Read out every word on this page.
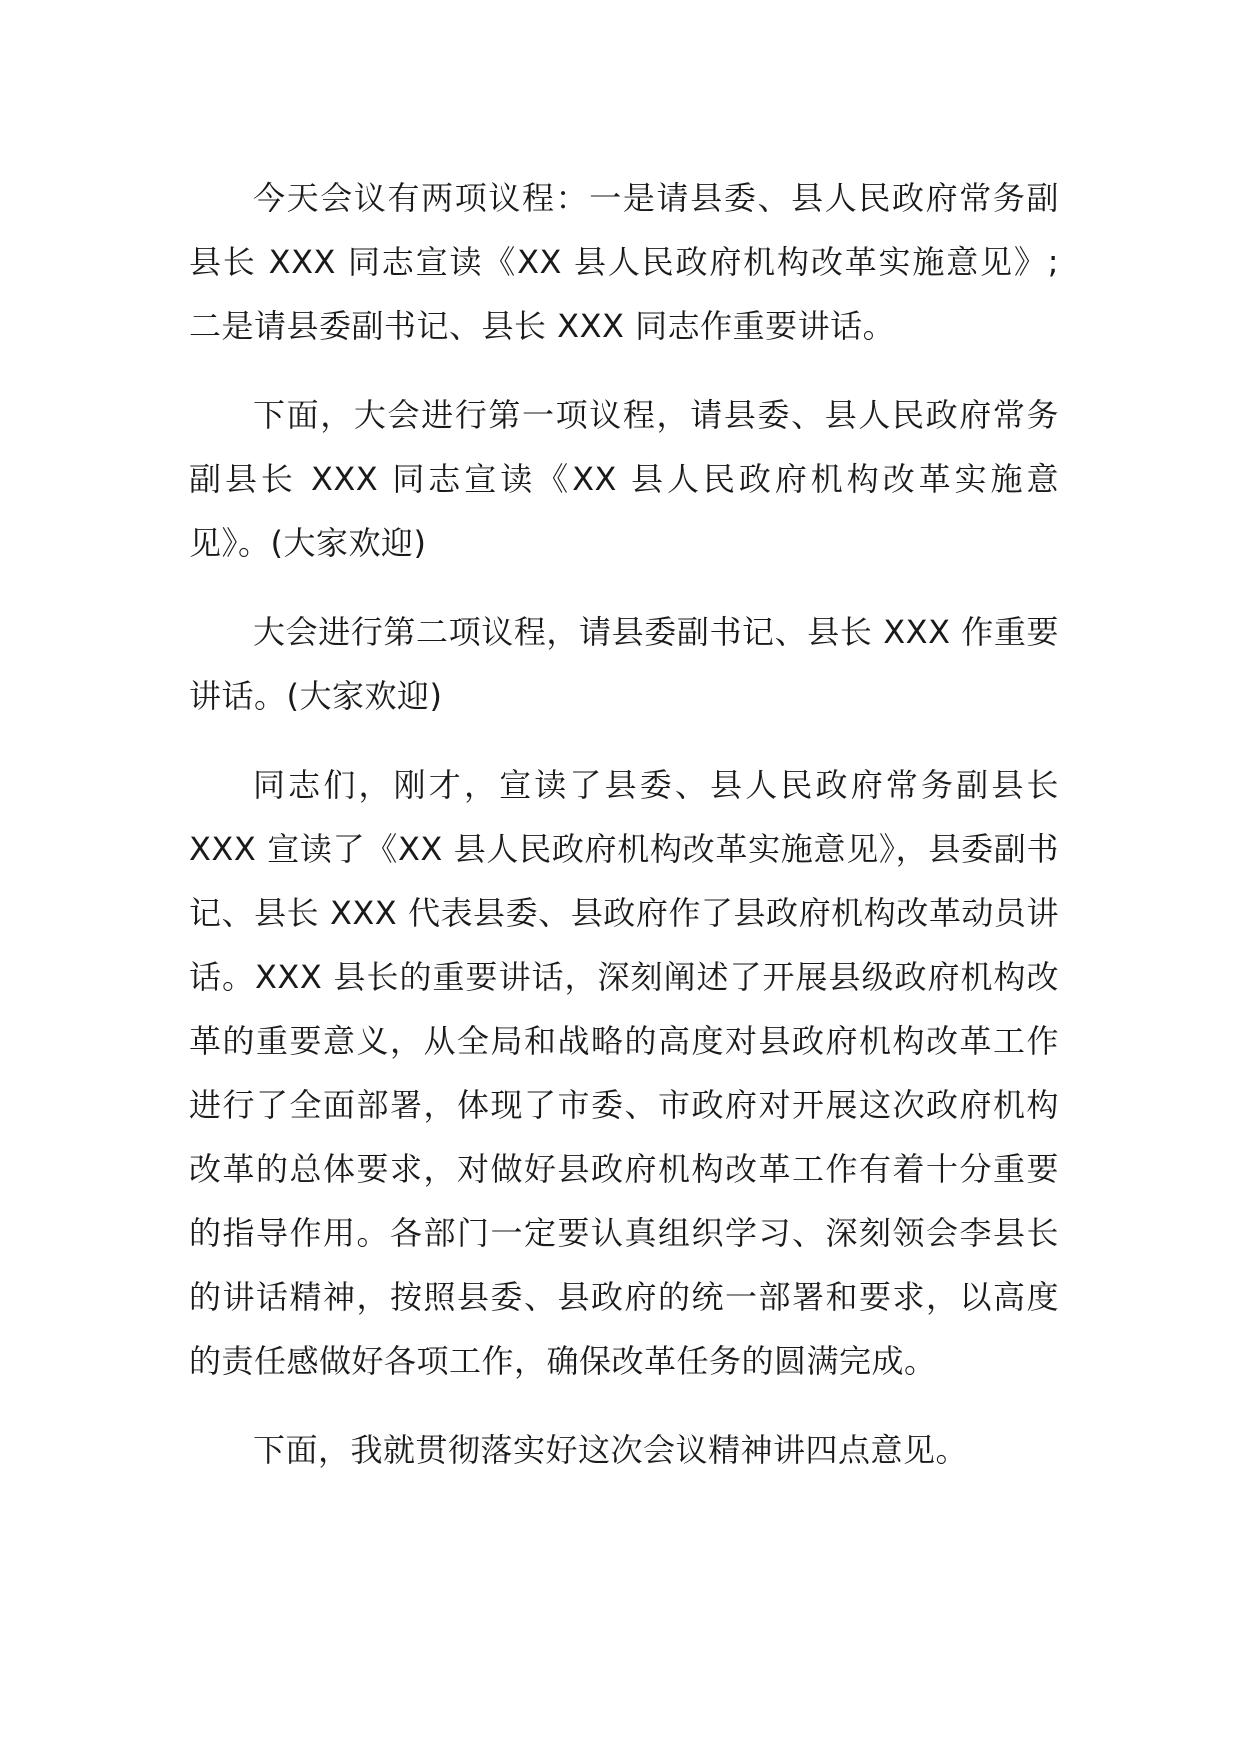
今天会议有两项议程：一是请县委、县人民政府常务副县长 XXX 同志宣读《XX 县人民政府机构改革实施意见》;二是请县委副书记、县长 XXX 同志作重要讲话。

下面，大会进行第一项议程，请县委、县人民政府常务副县长 XXX 同志宣读《XX 县人民政府机构改革实施意见》。(大家欢迎)

大会进行第二项议程，请县委副书记、县长 XXX 作重要讲话。(大家欢迎)

同志们，刚才，宣读了县委、县人民政府常务副县长 XXX 宣读了《XX 县人民政府机构改革实施意见》，县委副书记、县长 XXX 代表县委、县政府作了县政府机构改革动员讲话。XXX 县长的重要讲话，深刻阐述了开展县级政府机构改革的重要意义，从全局和战略的高度对县政府机构改革工作进行了全面部署，体现了市委、市政府对开展这次政府机构改革的总体要求，对做好县政府机构改革工作有着十分重要的指导作用。各部门一定要认真组织学习、深刻领会李县长的讲话精神，按照县委、县政府的统一部署和要求，以高度的责任感做好各项工作，确保改革任务的圆满完成。

下面，我就贯彻落实好这次会议精神讲四点意见。
